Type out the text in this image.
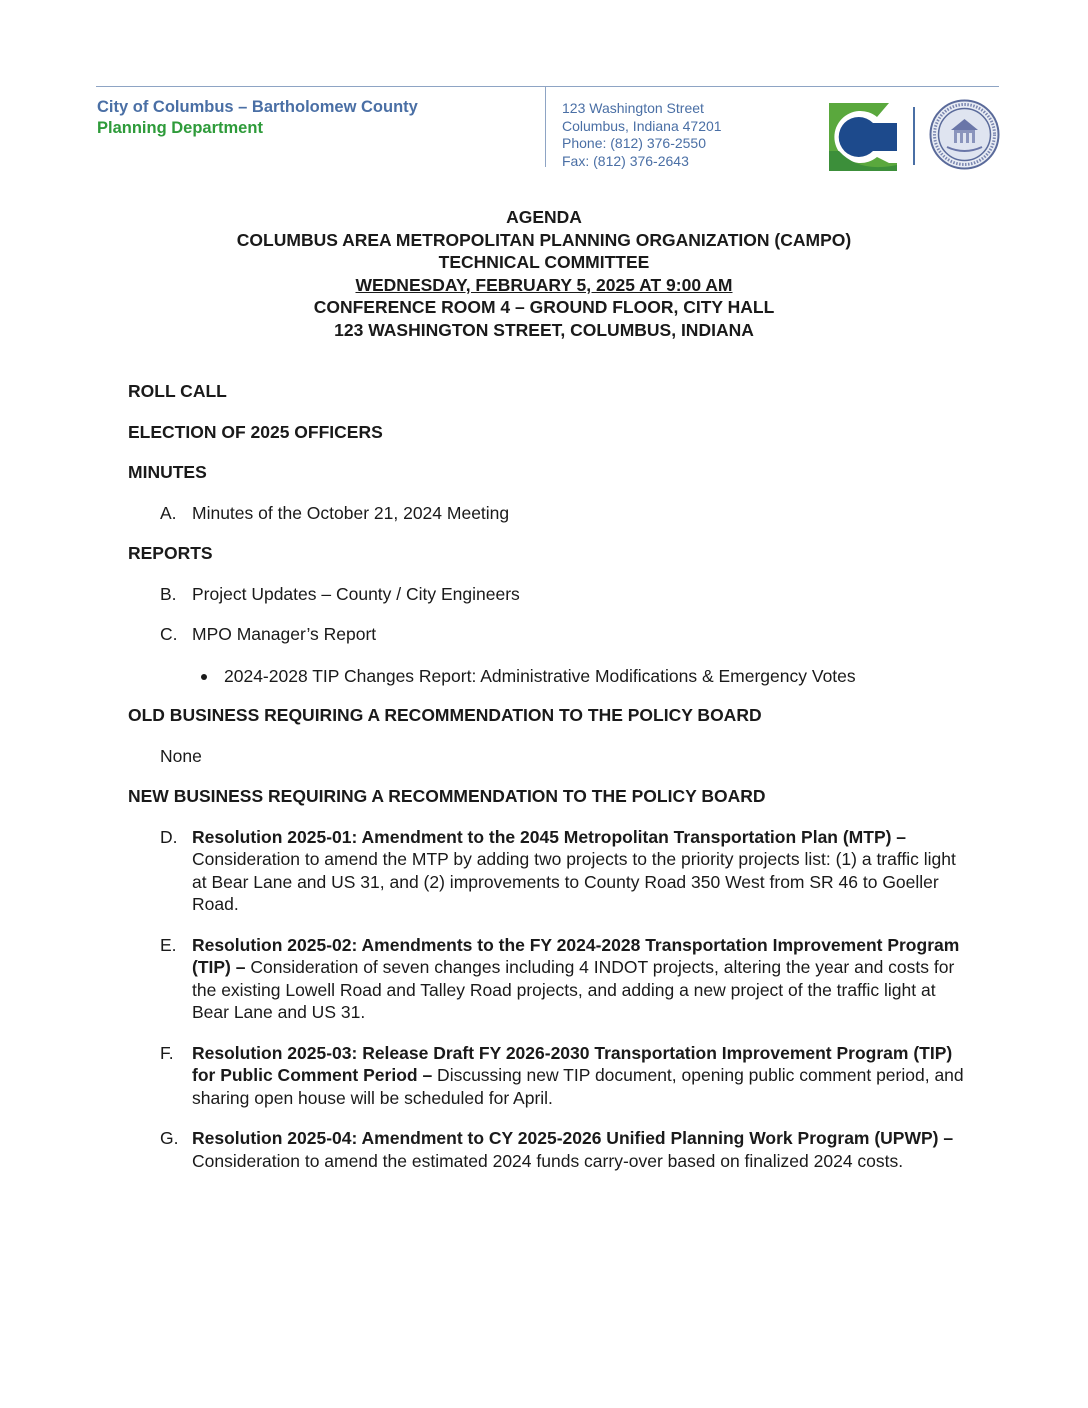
City of Columbus – Bartholomew County
Planning Department
123 Washington Street
Columbus, Indiana 47201
Phone: (812) 376-2550
Fax: (812) 376-2643
AGENDA
COLUMBUS AREA METROPOLITAN PLANNING ORGANIZATION (CAMPO)
TECHNICAL COMMITTEE
WEDNESDAY, FEBRUARY 5, 2025 AT 9:00 AM
CONFERENCE ROOM 4 – GROUND FLOOR, CITY HALL
123 WASHINGTON STREET, COLUMBUS, INDIANA

ROLL CALL

ELECTION OF 2025 OFFICERS

MINUTES

A. Minutes of the October 21, 2024 Meeting

REPORTS

B. Project Updates – County / City Engineers
C. MPO Manager’s Report
2024-2028 TIP Changes Report: Administrative Modifications & Emergency Votes

OLD BUSINESS REQUIRING A RECOMMENDATION TO THE POLICY BOARD

None

NEW BUSINESS REQUIRING A RECOMMENDATION TO THE POLICY BOARD

D. Resolution 2025-01: Amendment to the 2045 Metropolitan Transportation Plan (MTP) – Consideration to amend the MTP by adding two projects to the priority projects list: (1) a traffic light at Bear Lane and US 31, and (2) improvements to County Road 350 West from SR 46 to Goeller Road.
E. Resolution 2025-02: Amendments to the FY 2024-2028 Transportation Improvement Program (TIP) – Consideration of seven changes including 4 INDOT projects, altering the year and costs for the existing Lowell Road and Talley Road projects, and adding a new project of the traffic light at Bear Lane and US 31.
F. Resolution 2025-03: Release Draft FY 2026-2030 Transportation Improvement Program (TIP) for Public Comment Period – Discussing new TIP document, opening public comment period, and sharing open house will be scheduled for April.
G. Resolution 2025-04: Amendment to CY 2025-2026 Unified Planning Work Program (UPWP) – Consideration to amend the estimated 2024 funds carry-over based on finalized 2024 costs.
